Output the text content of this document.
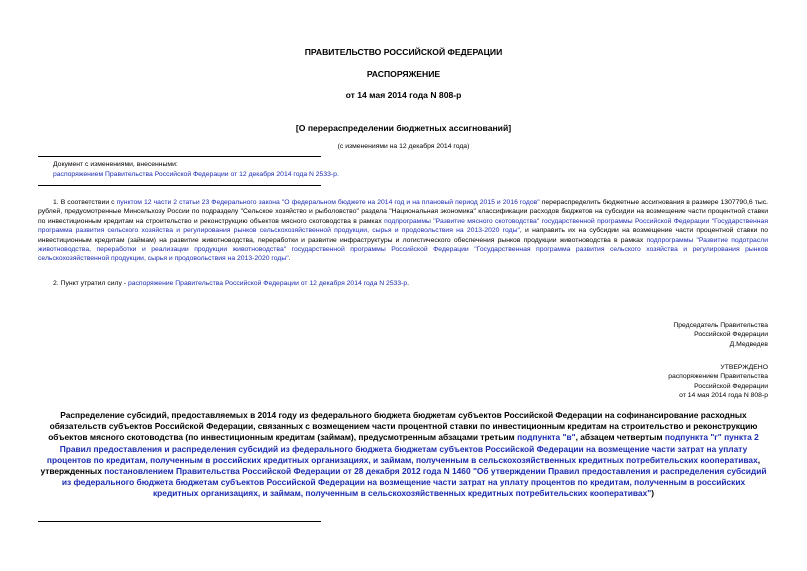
ПРАВИТЕЛЬСТВО РОССИЙСКОЙ ФЕДЕРАЦИИ
РАСПОРЯЖЕНИЕ
от 14 мая 2014 года N 808-р
[О перераспределении бюджетных ассигнований]
(с изменениями на 12 декабря 2014 года)
Документ с изменениями, внесенными:
распоряжением Правительства Российской Федерации от 12 декабря 2014 года N 2533-р.
1. В соответствии с пунктом 12 части 2 статьи 23 Федерального закона "О федеральном бюджете на 2014 год и на плановый период 2015 и 2016 годов" перераспределить бюджетные ассигнования в размере 1307790,6 тыс. рублей, предусмотренные Минсельхозу России по подразделу "Сельское хозяйство и рыболовство" раздела "Национальная экономика" классификации расходов бюджетов на субсидии на возмещение части процентной ставки по инвестиционным кредитам на строительство и реконструкцию объектов мясного скотоводства в рамках подпрограммы "Развитие мясного скотоводства" государственной программы Российской Федерации "Государственная программа развития сельского хозяйства и регулирования рынков сельскохозяйственной продукции, сырья и продовольствия на 2013-2020 годы", и направить их на субсидии на возмещение части процентной ставки по инвестиционным кредитам (займам) на развитие животноводства, переработки и развитие инфраструктуры и логистического обеспечения рынков продукции животноводства в рамках подпрограммы "Развитие подотрасли животноводства, переработки и реализации продукции животноводства" государственной программы Российской Федерации "Государственная программа развития сельского хозяйства и регулирования рынков сельскохозяйственной продукции, сырья и продовольствия на 2013-2020 годы".
2. Пункт утратил силу - распоряжение Правительства Российской Федерации от 12 декабря 2014 года N 2533-р.
Председатель Правительства
Российской Федерации
Д.Медведев
УТВЕРЖДЕНО
распоряжением Правительства
Российской Федерации
от 14 мая 2014 года N 808-р
Распределение субсидий, предоставляемых в 2014 году из федерального бюджета бюджетам субъектов Российской Федерации на софинансирование расходных обязательств субъектов Российской Федерации, связанных с возмещением части процентной ставки по инвестиционным кредитам на строительство и реконструкцию объектов мясного скотоводства (по инвестиционным кредитам (займам), предусмотренным абзацами третьим подпункта "в", абзацем четвертым подпункта "г" пункта 2 Правил предоставления и распределения субсидий из федерального бюджета бюджетам субъектов Российской Федерации на возмещение части затрат на уплату процентов по кредитам, полученным в российских кредитных организациях, и займам, полученным в сельскохозяйственных кредитных потребительских кооперативах, утвержденных постановлением Правительства Российской Федерации от 28 декабря 2012 года N 1460 "Об утверждении Правил предоставления и распределения субсидий из федерального бюджета бюджетам субъектов Российской Федерации на возмещение части затрат на уплату процентов по кредитам, полученным в российских кредитных организациях, и займам, полученным в сельскохозяйственных кредитных потребительских кооперативах")
